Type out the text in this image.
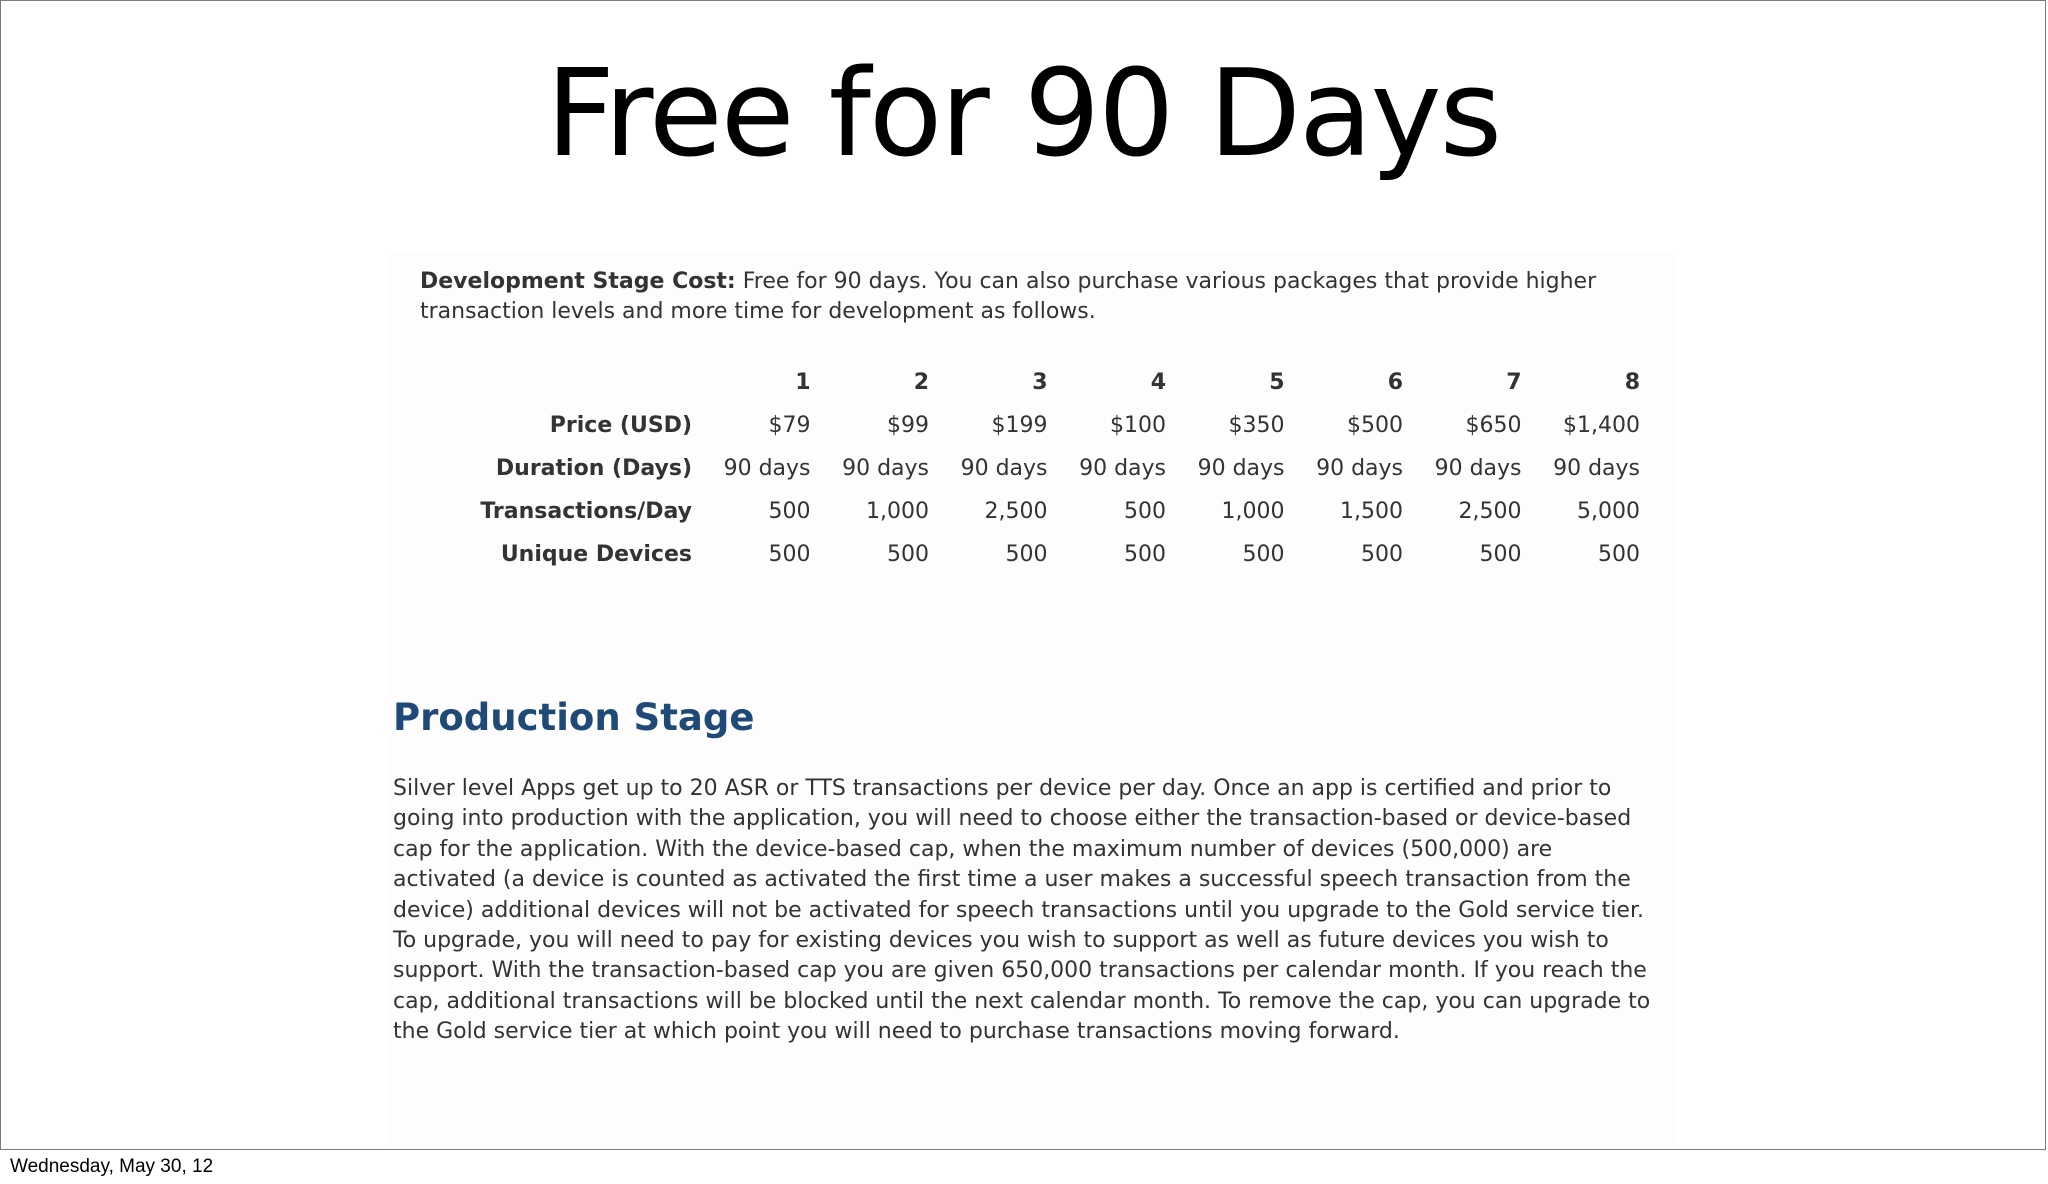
Free for 90 Days
Development Stage Cost: Free for 90 days. You can also purchase various packages that provide higher transaction levels and more time for development as follows.
	1	2	3	4	5	6	7	8
Price (USD)	$79	$99	$199	$100	$350	$500	$650	$1,400
Duration (Days)	90 days	90 days	90 days	90 days	90 days	90 days	90 days	90 days
Transactions/Day	500	1,000	2,500	500	1,000	1,500	2,500	5,000
Unique Devices	500	500	500	500	500	500	500	500
Production Stage
Silver level Apps get up to 20 ASR or TTS transactions per device per day. Once an app is certified and prior to going into production with the application, you will need to choose either the transaction-based or device-based cap for the application. With the device-based cap, when the maximum number of devices (500,000) are activated (a device is counted as activated the first time a user makes a successful speech transaction from the device) additional devices will not be activated for speech transactions until you upgrade to the Gold service tier. To upgrade, you will need to pay for existing devices you wish to support as well as future devices you wish to support. With the transaction-based cap you are given 650,000 transactions per calendar month. If you reach the cap, additional transactions will be blocked until the next calendar month. To remove the cap, you can upgrade to the Gold service tier at which point you will need to purchase transactions moving forward.
Wednesday, May 30, 12
